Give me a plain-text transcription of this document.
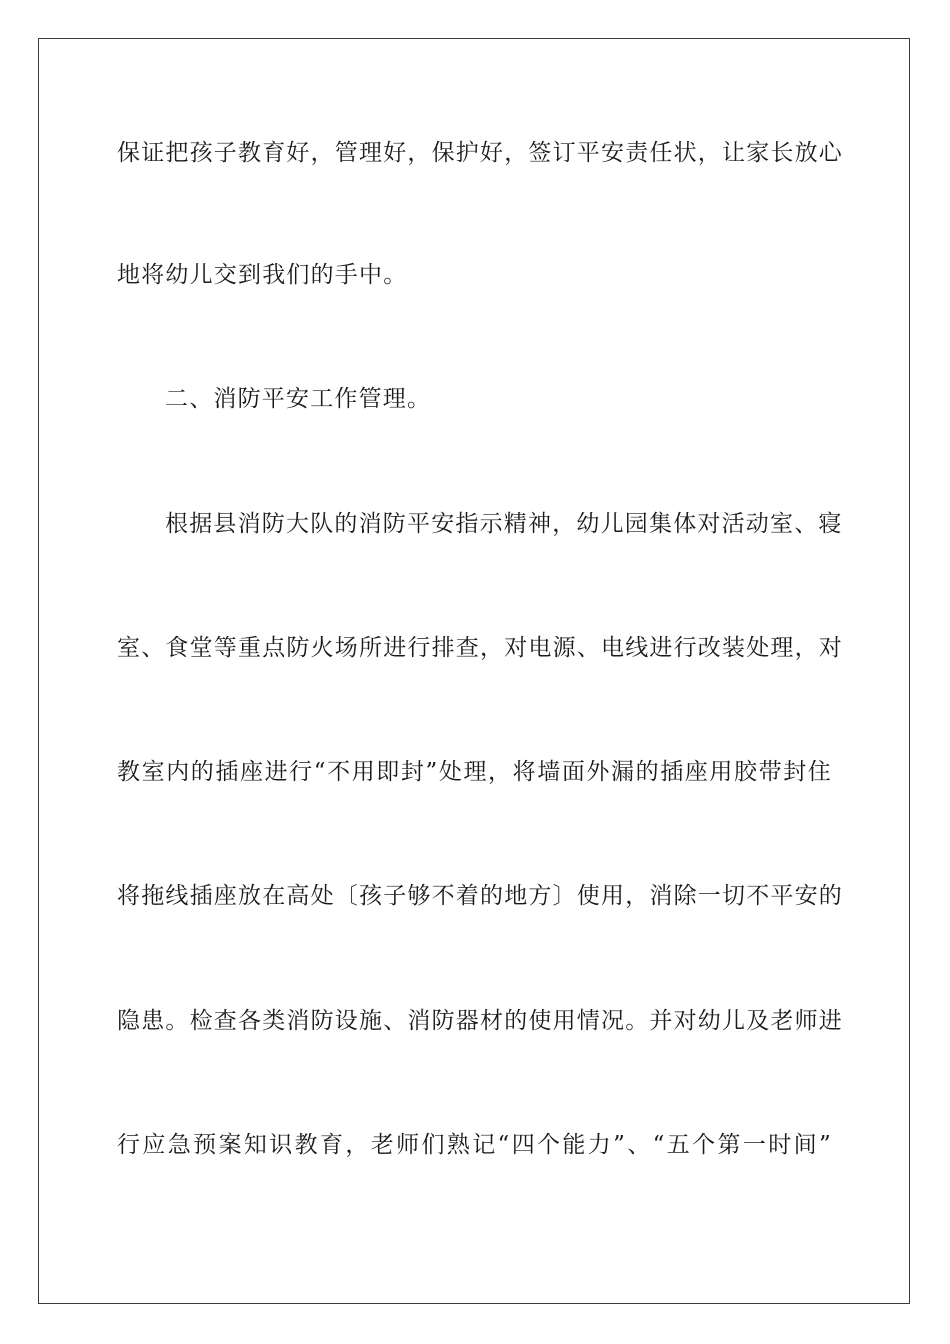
保证把孩子教育好，管理好，保护好，签订平安责任状，让家长放心
地将幼儿交到我们的手中。
二、消防平安工作管理。
根据县消防大队的消防平安指示精神，幼儿园集体对活动室、寝
室、食堂等重点防火场所进行排查，对电源、电线进行改装处理，对
教室内的插座进行“不用即封”处理，将墙面外漏的插座用胶带封住
将拖线插座放在高处〔孩子够不着的地方〕使用，消除一切不平安的
隐患。检查各类消防设施、消防器材的使用情况。并对幼儿及老师进
行应急预案知识教育，老师们熟记“四个能力”、“五个第一时间”
